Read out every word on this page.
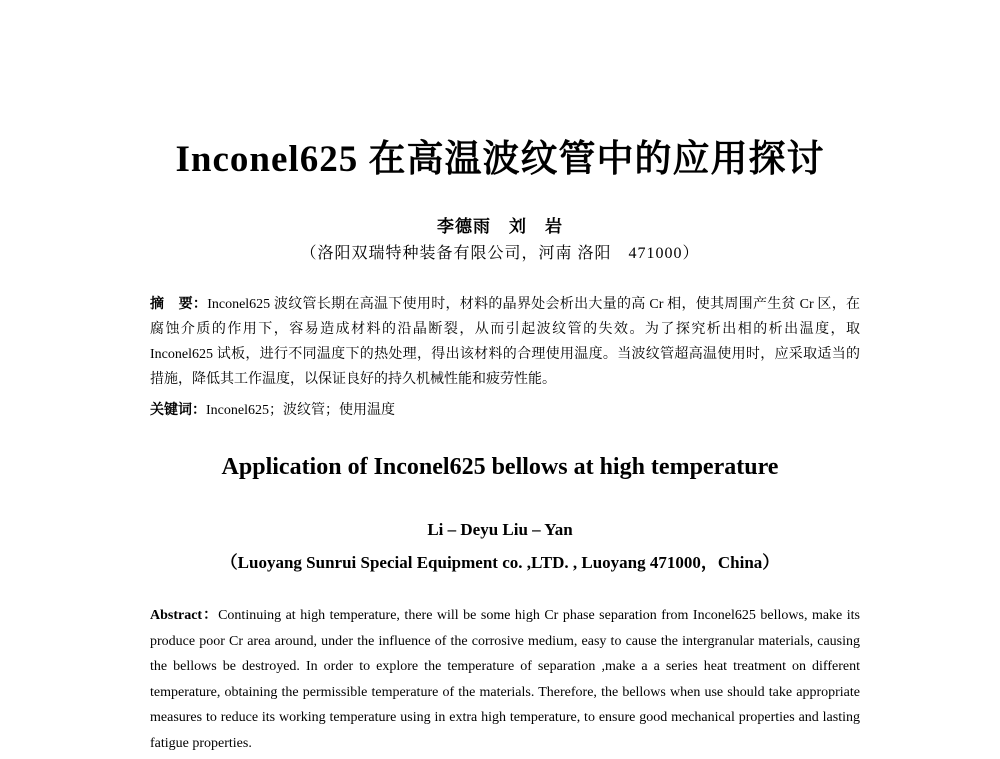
Inconel625 在高温波纹管中的应用探讨
李德雨　刘　岩
（洛阳双瑞特种装备有限公司，河南 洛阳　471000）
摘　要：Inconel625 波纹管长期在高温下使用时，材料的晶界处会析出大量的高 Cr 相，使其周围产生贫 Cr 区，在腐蚀介质的作用下，容易造成材料的沿晶断裂，从而引起波纹管的失效。为了探究析出相的析出温度，取 Inconel625 试板，进行不同温度下的热处理，得出该材料的合理使用温度。当波纹管超高温使用时，应采取适当的措施，降低其工作温度，以保证良好的持久机械性能和疲劳性能。
关键词：Inconel625；波纹管；使用温度
Application of Inconel625 bellows at high temperature
Li – Deyu Liu – Yan
（Luoyang Sunrui Special Equipment co. ,LTD. , Luoyang 471000，China）
Abstract：Continuing at high temperature, there will be some high Cr phase separation from Inconel625 bellows, make its produce poor Cr area around, under the influence of the corrosive medium, easy to cause the intergranular materials, causing the bellows be destroyed. In order to explore the temperature of separation ,make a a series heat treatment on different temperature, obtaining the permissible temperature of the materials. Therefore, the bellows when use should take appropriate measures to reduce its working temperature using in extra high temperature, to ensure good mechanical properties and lasting fatigue properties.
